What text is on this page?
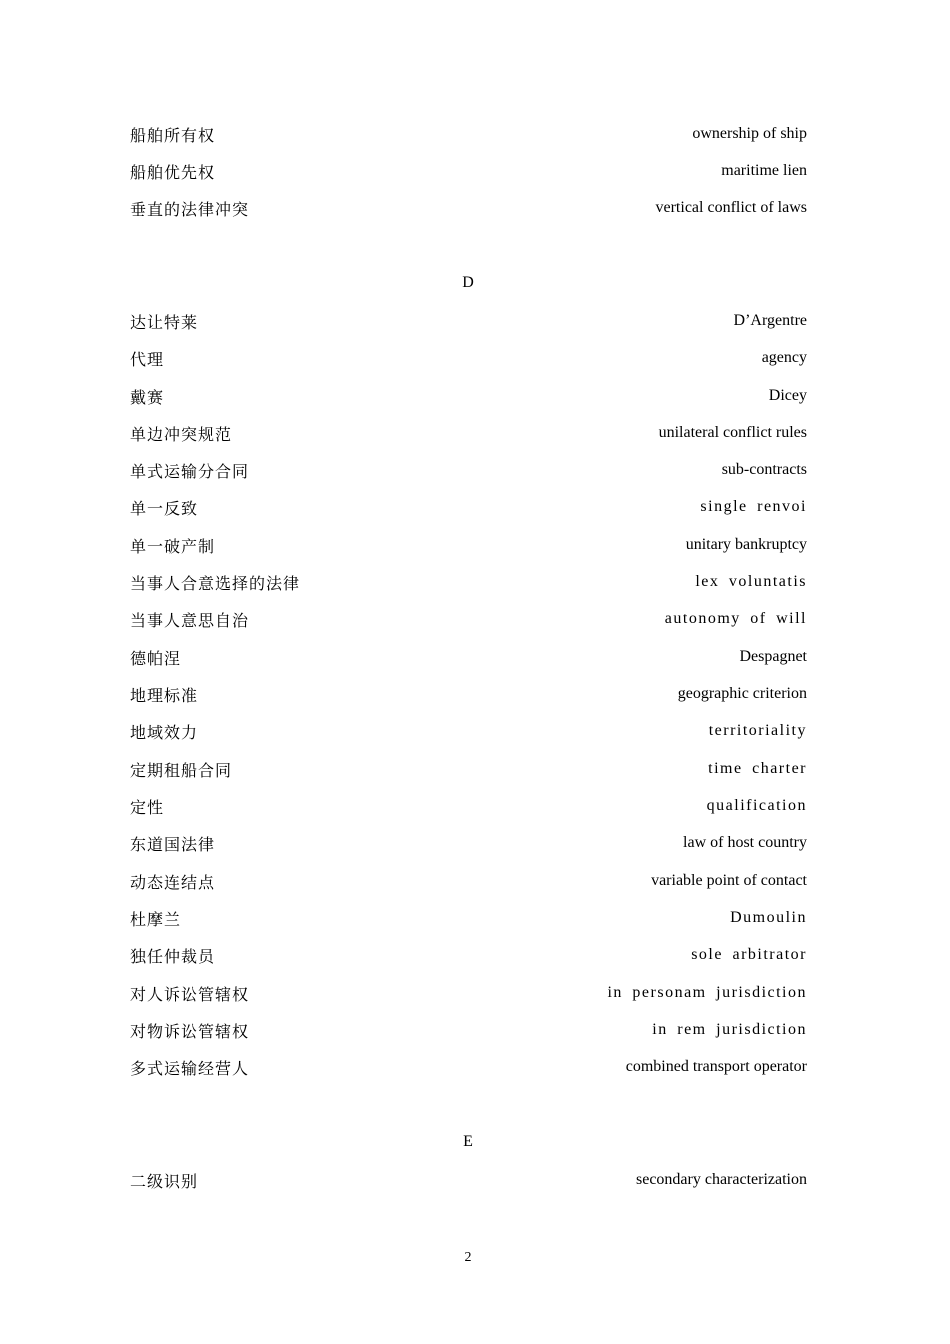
船舶所有权	ownership of ship
船舶优先权	maritime lien
垂直的法律冲突	vertical conflict of laws
D
达让特莱	D’Argentre
代理	agency
戴赛	Dicey
单边冲突规范	unilateral conflict rules
单式运输分合同	sub-contracts
单一反致	single renvoi
单一破产制	unitary bankruptcy
当事人合意选择的法律	lex voluntatis
当事人意思自治	autonomy of will
德帕涅	Despagnet
地理标准	geographic criterion
地域效力	territoriality
定期租船合同	time charter
定性	qualification
东道国法律	law of host country
动态连结点	variable point of contact
杜摩兰	Dumoulin
独任仲裁员	sole arbitrator
对人诉讼管辖权	in personam jurisdiction
对物诉讼管辖权	in rem jurisdiction
多式运输经营人	combined transport operator
E
二级识别	secondary characterization
2
